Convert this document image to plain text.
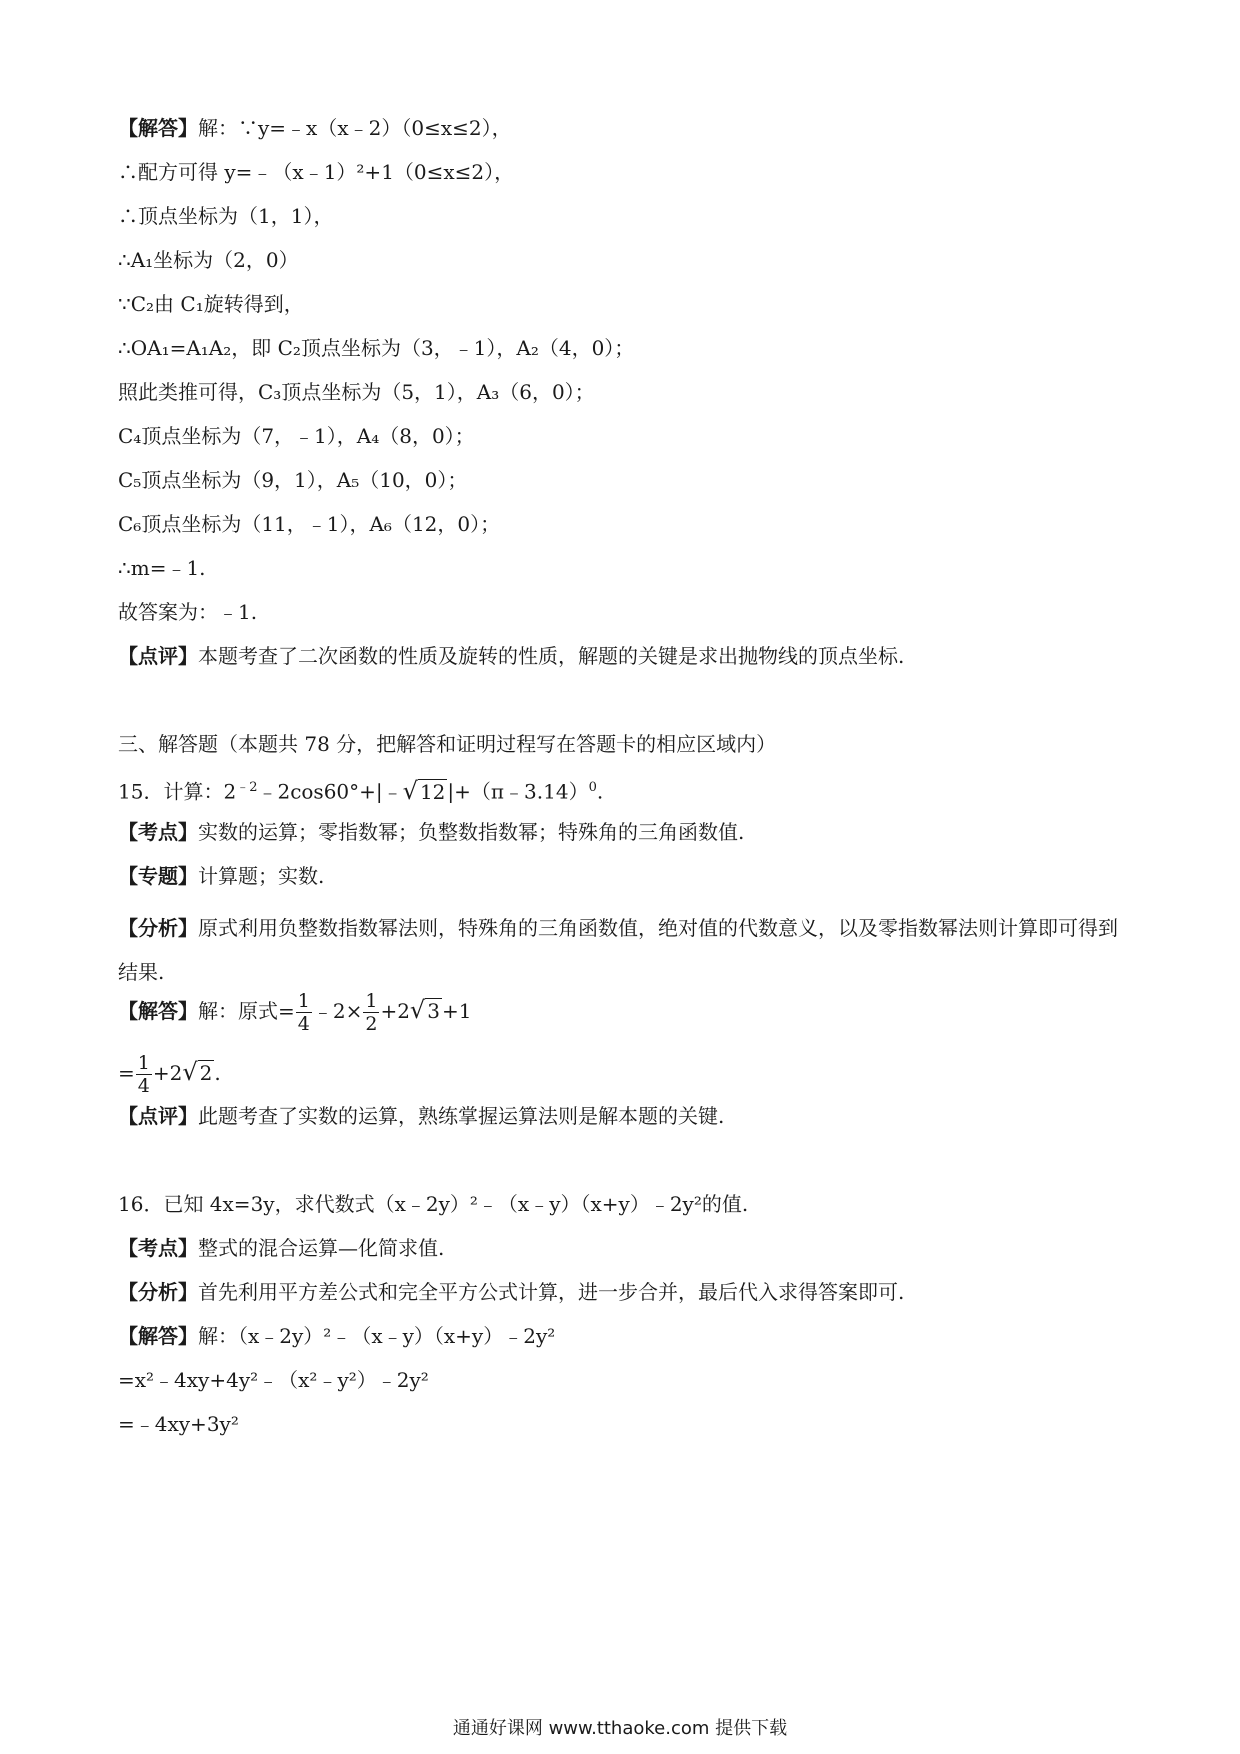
【解答】解：∵y=﹣x（x﹣2）（0≤x≤2），
∴配方可得 y=﹣（x﹣1）²+1（0≤x≤2），
∴顶点坐标为（1，1），
∴A₁坐标为（2，0）
∵C₂由 C₁旋转得到，
∴OA₁=A₁A₂，即 C₂顶点坐标为（3，﹣1），A₂（4，0）；
照此类推可得，C₃顶点坐标为（5，1），A₃（6，0）；
C₄顶点坐标为（7，﹣1），A₄（8，0）；
C₅顶点坐标为（9，1），A₅（10，0）；
C₆顶点坐标为（11，﹣1），A₆（12，0）；
∴m=﹣1.
故答案为：﹣1.
【点评】本题考查了二次函数的性质及旋转的性质，解题的关键是求出抛物线的顶点坐标.
三、解答题（本题共 78 分，把解答和证明过程写在答题卡的相应区域内）
15．计算：$2^{﹣2}﹣2\cos 60^\circ+|﹣√$ 12 |+（π﹣3.14）$^0$.
【考点】实数的运算；零指数幂；负整数指数幂；特殊角的三角函数值.
【专题】计算题；实数.
【分析】原式利用负整数指数幂法则，特殊角的三角函数值，绝对值的代数意义，以及零指数幂法则计算即可得到结果.
【解答】解：原式= $\frac{1}{4}$ ﹣2× $\frac{1}{2} +2√$ 3 +1
= $\frac{1}{4} +2√$ 2 .
【点评】此题考查了实数的运算，熟练掌握运算法则是解本题的关键.
16．已知 4x=3y，求代数式（x﹣2y）²﹣（x﹣y）（x+y）﹣2y²的值.
【考点】整式的混合运算—化简求值.
【分析】首先利用平方差公式和完全平方公式计算，进一步合并，最后代入求得答案即可.
【解答】解：（x﹣2y）²﹣（x﹣y）（x+y）﹣2y²
=x²﹣4xy+4y²﹣（x²﹣y²）﹣2y²
=﹣4xy+3y²
通通好课网 www.tthaoke.com 提供下载
